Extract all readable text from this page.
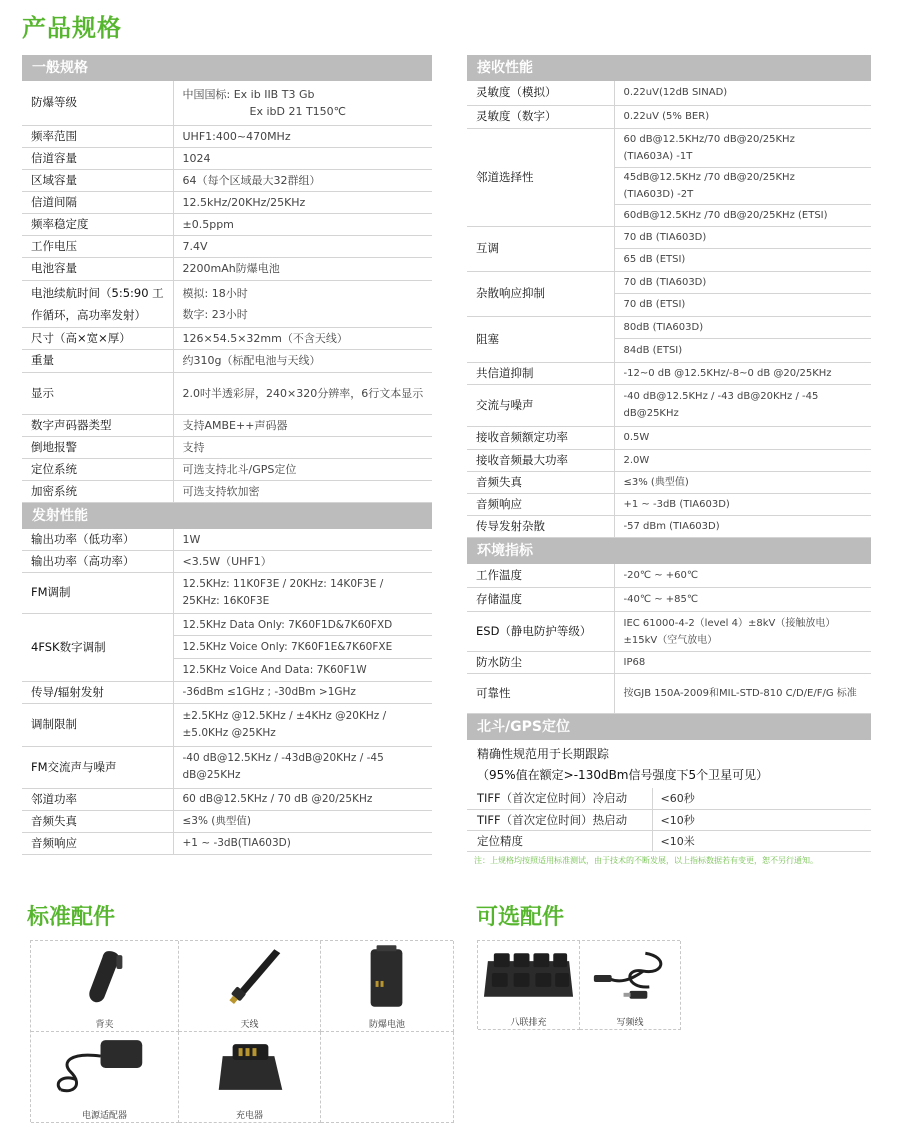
产品规格
一般规格
防爆等级	中国国标: Ex ib IIB T3 Gb
Ex ibD 21 T150℃

频率范围	UHF1:400~470MHz
信道容量	1024
区域容量	64（每个区域最大32群组）
信道间隔	12.5kHz/20KHz/25KHz
频率稳定度	±0.5ppm
工作电压	7.4V
电池容量	2200mAh防爆电池
电池续航时间（5:5:90 工作循环，高功率发射）	模拟: 18小时
数字: 23小时

尺寸（高×宽×厚）	126×54.5×32mm（不含天线）
重量	约310g（标配电池与天线）
显示	2.0吋半透彩屏，240×320分辨率，6行文本显示
数字声码器类型	支持AMBE++声码器
倒地报警	支持
定位系统	可选支持北斗/GPS定位
加密系统	可选支持软加密
发射性能
输出功率（低功率）	1W
输出功率（高功率）	<3.5W（UHF1）
FM调制	12.5KHz: 11K0F3E / 20KHz: 14K0F3E / 25KHz: 16K0F3E
4FSK数字调制	12.5KHz Data Only: 7K60F1D&7K60FXD
12.5KHz Voice Only: 7K60F1E&7K60FXE
12.5KHz Voice And Data: 7K60F1W

传导/辐射发射	-36dBm ≤1GHz ; -30dBm >1GHz
调制限制	±2.5KHz @12.5KHz / ±4KHz @20KHz / ±5.0KHz @25KHz
FM交流声与噪声	-40 dB@12.5KHz / -43dB@20KHz / -45 dB@25KHz
邻道功率	60 dB@12.5KHz / 70 dB @20/25KHz
音频失真	≤3% (典型值)
音频响应	+1 ~ -3dB(TIA603D)
接收性能
灵敏度（模拟）	0.22uV(12dB SINAD)
灵敏度（数字）	0.22uV (5% BER)
邻道选择性	60 dB@12.5KHz/70 dB@20/25KHz (TIA603A) -1T
45dB@12.5KHz /70 dB@20/25KHz (TIA603D) -2T
60dB@12.5KHz /70 dB@20/25KHz (ETSI)

互调	70 dB (TIA603D)
65 dB (ETSI)

杂散响应抑制	70 dB (TIA603D)
70 dB (ETSI)

阻塞	80dB (TIA603D)
84dB (ETSI)

共信道抑制	-12~0 dB @12.5KHz/-8~0 dB @20/25KHz
交流与噪声	-40 dB@12.5KHz / -43 dB@20KHz / -45 dB@25KHz
接收音频额定功率	0.5W
接收音频最大功率	2.0W
音频失真	≤3% (典型值)
音频响应	+1 ~ -3dB (TIA603D)
传导发射杂散	-57 dBm (TIA603D)
环境指标
工作温度	-20℃ ~ +60℃
存储温度	-40℃ ~ +85℃
ESD（静电防护等级）	IEC 61000-4-2（level 4）±8kV（接触放电）±15kV（空气放电）
防水防尘	IP68
可靠性	按GJB 150A-2009和MIL-STD-810 C/D/E/F/G 标准
北斗/GPS定位
精确性规范用于长期跟踪
（95%值在额定>-130dBm信号强度下5个卫星可见）
TIFF（首次定位时间）冷启动	<60秒
TIFF（首次定位时间）热启动	<10秒
定位精度	<10米
注：上规格均按照适用标准测试，由于技术的不断发展，以上指标数据若有变更，恕不另行通知。
标准配件
背夹	天线	防爆电池
电源适配器	充电器
可选配件
八联排充	写频线
